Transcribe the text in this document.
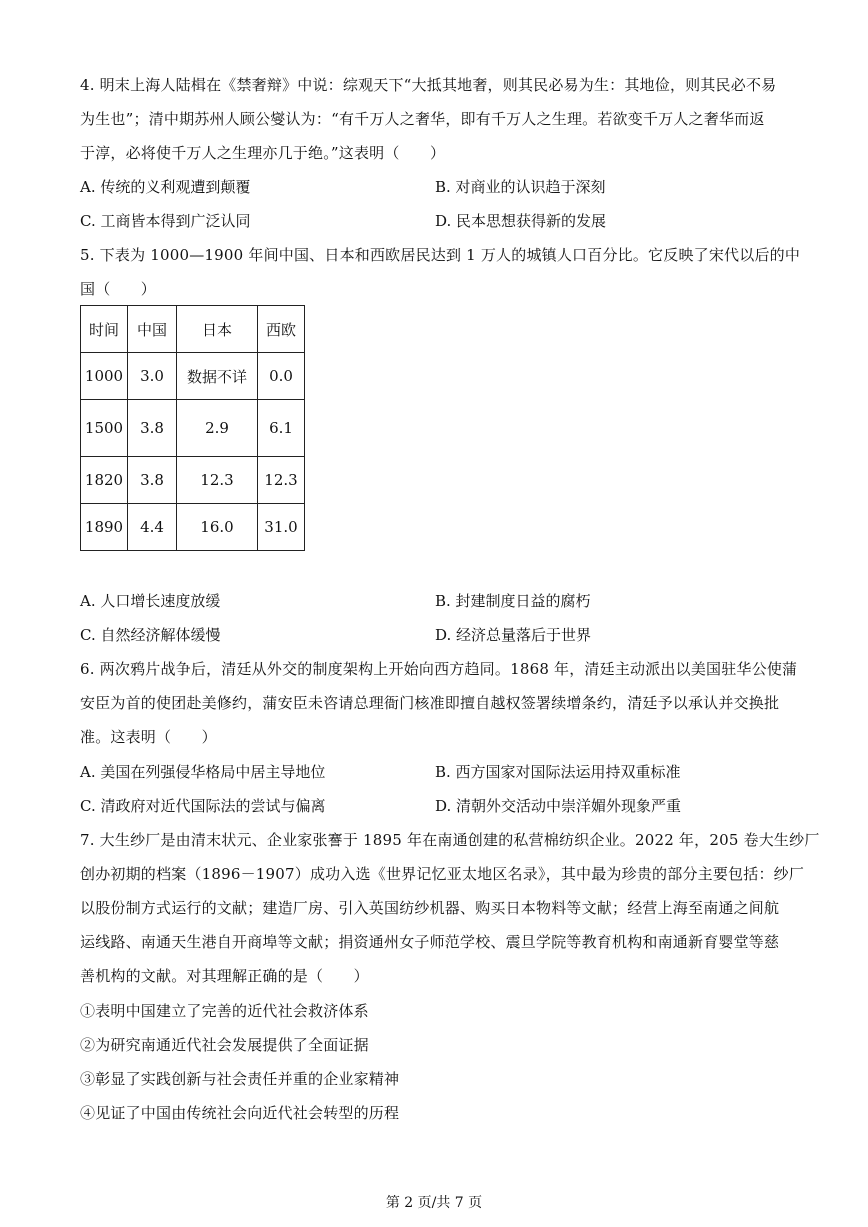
4. 明末上海人陆楫在《禁奢辩》中说：综观天下“大抵其地奢，则其民必易为生：其地俭，则其民必不易
为生也”；清中期苏州人顾公燮认为：“有千万人之奢华，即有千万人之生理。若欲变千万人之奢华而返
于淳，必将使千万人之生理亦几于绝。”这表明（　　）
A. 传统的义利观遭到颠覆	B. 对商业的认识趋于深刻
C. 工商皆本得到广泛认同	D. 民本思想获得新的发展
5. 下表为 1000—1900 年间中国、日本和西欧居民达到 1 万人的城镇人口百分比。它反映了宋代以后的中
国（　　）
时间	中国	日本	西欧
1000	3.0	数据不详	0.0
1500	3.8	2.9	6.1
1820	3.8	12.3	12.3
1890	4.4	16.0	31.0
A. 人口增长速度放缓	B. 封建制度日益的腐朽
C. 自然经济解体缓慢	D. 经济总量落后于世界
6. 两次鸦片战争后，清廷从外交的制度架构上开始向西方趋同。1868 年，清廷主动派出以美国驻华公使蒲
安臣为首的使团赴美修约，蒲安臣未咨请总理衙门核准即擅自越权签署续增条约，清廷予以承认并交换批
准。这表明（　　）
A. 美国在列强侵华格局中居主导地位	B. 西方国家对国际法运用持双重标准
C. 清政府对近代国际法的尝试与偏离	D. 清朝外交活动中崇洋媚外现象严重
7. 大生纱厂是由清末状元、企业家张謇于 1895 年在南通创建的私营棉纺织企业。2022 年，205 卷大生纱厂
创办初期的档案（1896－1907）成功入选《世界记忆亚太地区名录》，其中最为珍贵的部分主要包括：纱厂
以股份制方式运行的文献；建造厂房、引入英国纺纱机器、购买日本物料等文献；经营上海至南通之间航
运线路、南通天生港自开商埠等文献；捐资通州女子师范学校、震旦学院等教育机构和南通新育婴堂等慈
善机构的文献。对其理解正确的是（　　）
①表明中国建立了完善的近代社会救济体系
②为研究南通近代社会发展提供了全面证据
③彰显了实践创新与社会责任并重的企业家精神
④见证了中国由传统社会向近代社会转型的历程
第 2 页/共 7 页
